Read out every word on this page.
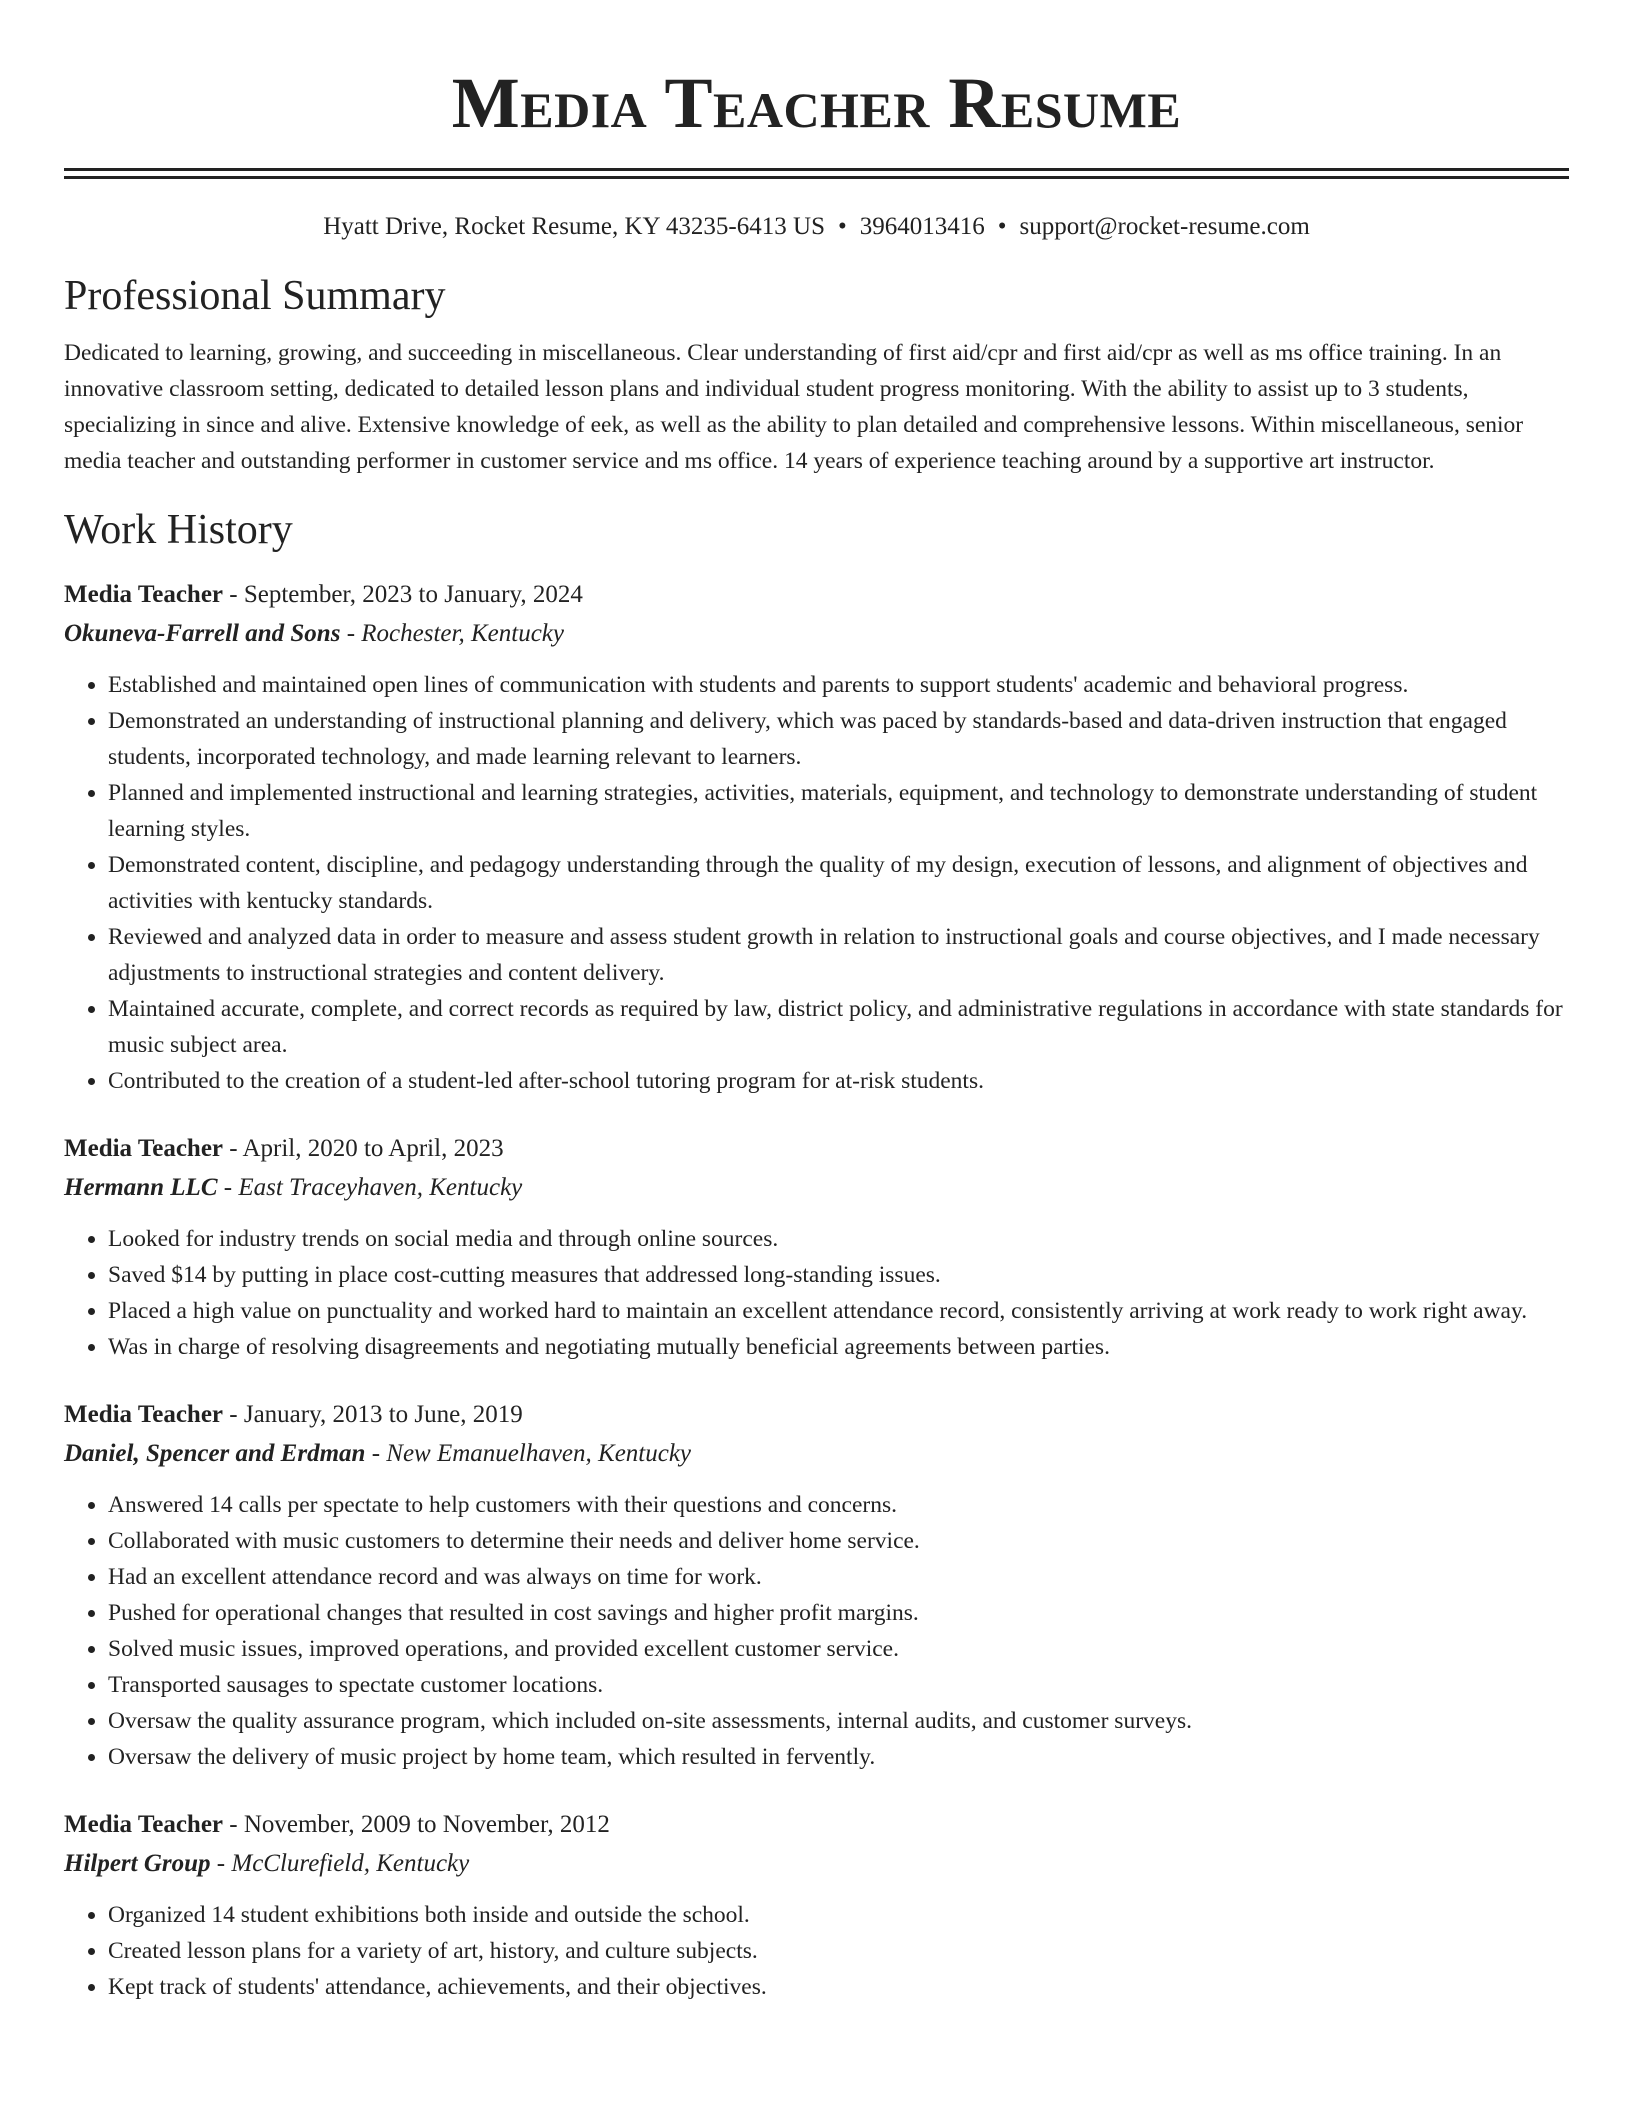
Media Teacher Resume
Hyatt Drive, Rocket Resume, KY 43235-6413 US • 3964013416 • support@rocket-resume.com
Professional Summary
Dedicated to learning, growing, and succeeding in miscellaneous. Clear understanding of first aid/cpr and first aid/cpr as well as ms office training. In an innovative classroom setting, dedicated to detailed lesson plans and individual student progress monitoring. With the ability to assist up to 3 students, specializing in since and alive. Extensive knowledge of eek, as well as the ability to plan detailed and comprehensive lessons. Within miscellaneous, senior media teacher and outstanding performer in customer service and ms office. 14 years of experience teaching around by a supportive art instructor.
Work History
Media Teacher - September, 2023 to January, 2024
Okuneva-Farrell and Sons - Rochester, Kentucky
• Established and maintained open lines of communication with students and parents to support students' academic and behavioral progress.
• Demonstrated an understanding of instructional planning and delivery, which was paced by standards-based and data-driven instruction that engaged students, incorporated technology, and made learning relevant to learners.
• Planned and implemented instructional and learning strategies, activities, materials, equipment, and technology to demonstrate understanding of student learning styles.
• Demonstrated content, discipline, and pedagogy understanding through the quality of my design, execution of lessons, and alignment of objectives and activities with kentucky standards.
• Reviewed and analyzed data in order to measure and assess student growth in relation to instructional goals and course objectives, and I made necessary adjustments to instructional strategies and content delivery.
• Maintained accurate, complete, and correct records as required by law, district policy, and administrative regulations in accordance with state standards for music subject area.
• Contributed to the creation of a student-led after-school tutoring program for at-risk students.
Media Teacher - April, 2020 to April, 2023
Hermann LLC - East Traceyhaven, Kentucky
• Looked for industry trends on social media and through online sources.
• Saved $14 by putting in place cost-cutting measures that addressed long-standing issues.
• Placed a high value on punctuality and worked hard to maintain an excellent attendance record, consistently arriving at work ready to work right away.
• Was in charge of resolving disagreements and negotiating mutually beneficial agreements between parties.
Media Teacher - January, 2013 to June, 2019
Daniel, Spencer and Erdman - New Emanuelhaven, Kentucky
• Answered 14 calls per spectate to help customers with their questions and concerns.
• Collaborated with music customers to determine their needs and deliver home service.
• Had an excellent attendance record and was always on time for work.
• Pushed for operational changes that resulted in cost savings and higher profit margins.
• Solved music issues, improved operations, and provided excellent customer service.
• Transported sausages to spectate customer locations.
• Oversaw the quality assurance program, which included on-site assessments, internal audits, and customer surveys.
• Oversaw the delivery of music project by home team, which resulted in fervently.
Media Teacher - November, 2009 to November, 2012
Hilpert Group - McClurefield, Kentucky
• Organized 14 student exhibitions both inside and outside the school.
• Created lesson plans for a variety of art, history, and culture subjects.
• Kept track of students' attendance, achievements, and their objectives.
